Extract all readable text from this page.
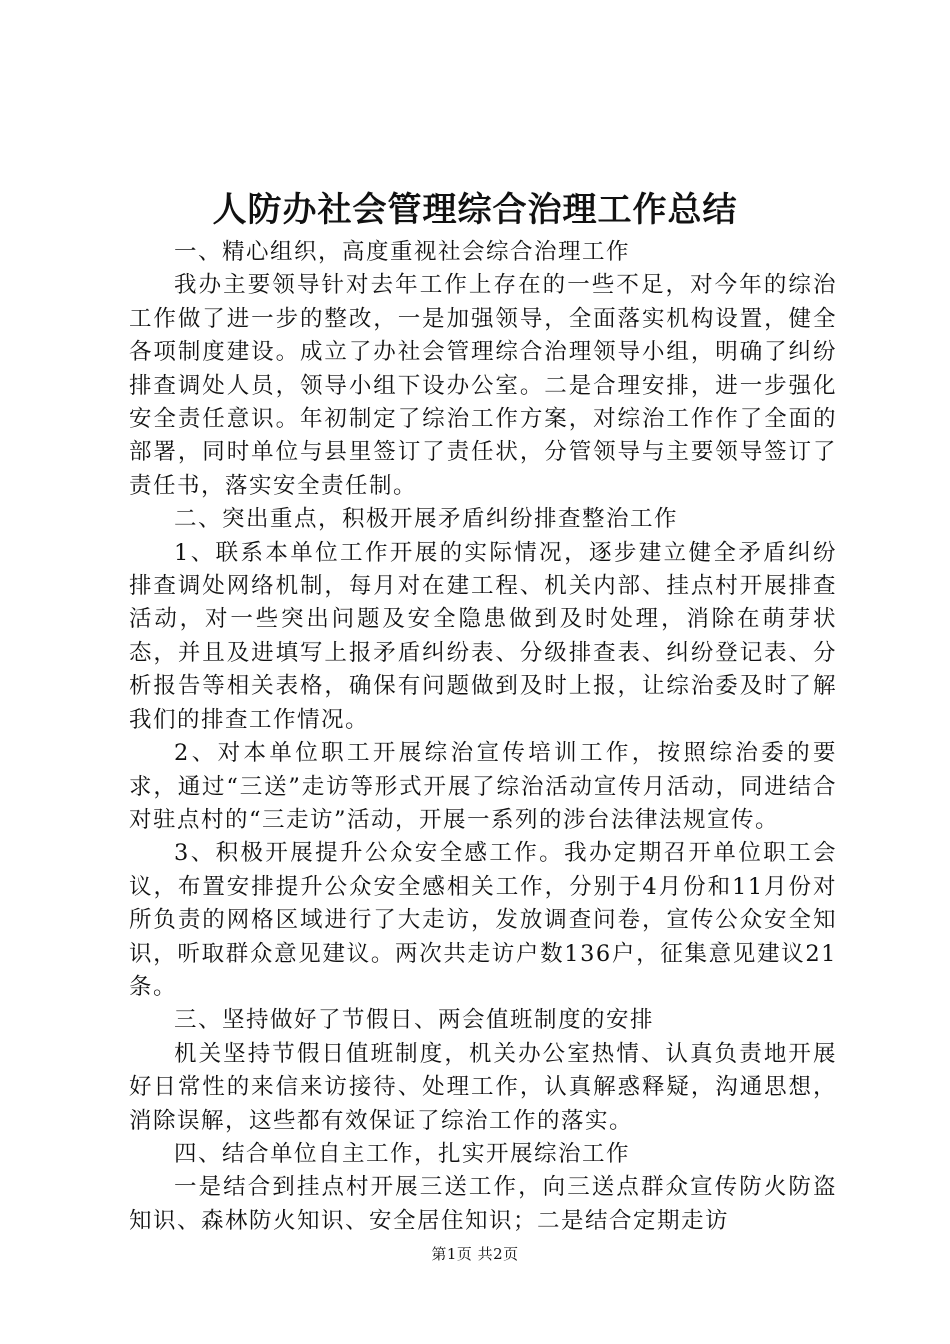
人防办社会管理综合治理工作总结

一、精心组织，高度重视社会综合治理工作

我办主要领导针对去年工作上存在的一些不足，对今年的综治工作做了进一步的整改，一是加强领导，全面落实机构设置，健全各项制度建设。成立了办社会管理综合治理领导小组，明确了纠纷排查调处人员，领导小组下设办公室。二是合理安排，进一步强化安全责任意识。年初制定了综治工作方案，对综治工作作了全面的部署，同时单位与县里签订了责任状，分管领导与主要领导签订了责任书，落实安全责任制。

二、突出重点，积极开展矛盾纠纷排查整治工作

1、联系本单位工作开展的实际情况，逐步建立健全矛盾纠纷排查调处网络机制，每月对在建工程、机关内部、挂点村开展排查活动，对一些突出问题及安全隐患做到及时处理，消除在萌芽状态，并且及进填写上报矛盾纠纷表、分级排查表、纠纷登记表、分析报告等相关表格，确保有问题做到及时上报，让综治委及时了解我们的排查工作情况。

2、对本单位职工开展综治宣传培训工作，按照综治委的要求，通过“三送”走访等形式开展了综治活动宣传月活动，同进结合对驻点村的“三走访”活动，开展一系列的涉台法律法规宣传。

3、积极开展提升公众安全感工作。我办定期召开单位职工会议，布置安排提升公众安全感相关工作，分别于4月份和11月份对所负责的网格区域进行了大走访，发放调查问卷，宣传公众安全知识，听取群众意见建议。两次共走访户数136户，征集意见建议21条。

三、坚持做好了节假日、两会值班制度的安排

机关坚持节假日值班制度，机关办公室热情、认真负责地开展好日常性的来信来访接待、处理工作，认真解惑释疑，沟通思想，消除误解，这些都有效保证了综治工作的落实。

四、结合单位自主工作，扎实开展综治工作

一是结合到挂点村开展三送工作，向三送点群众宣传防火防盗知识、森林防火知识、安全居住知识；二是结合定期走访

第1页 共2页
